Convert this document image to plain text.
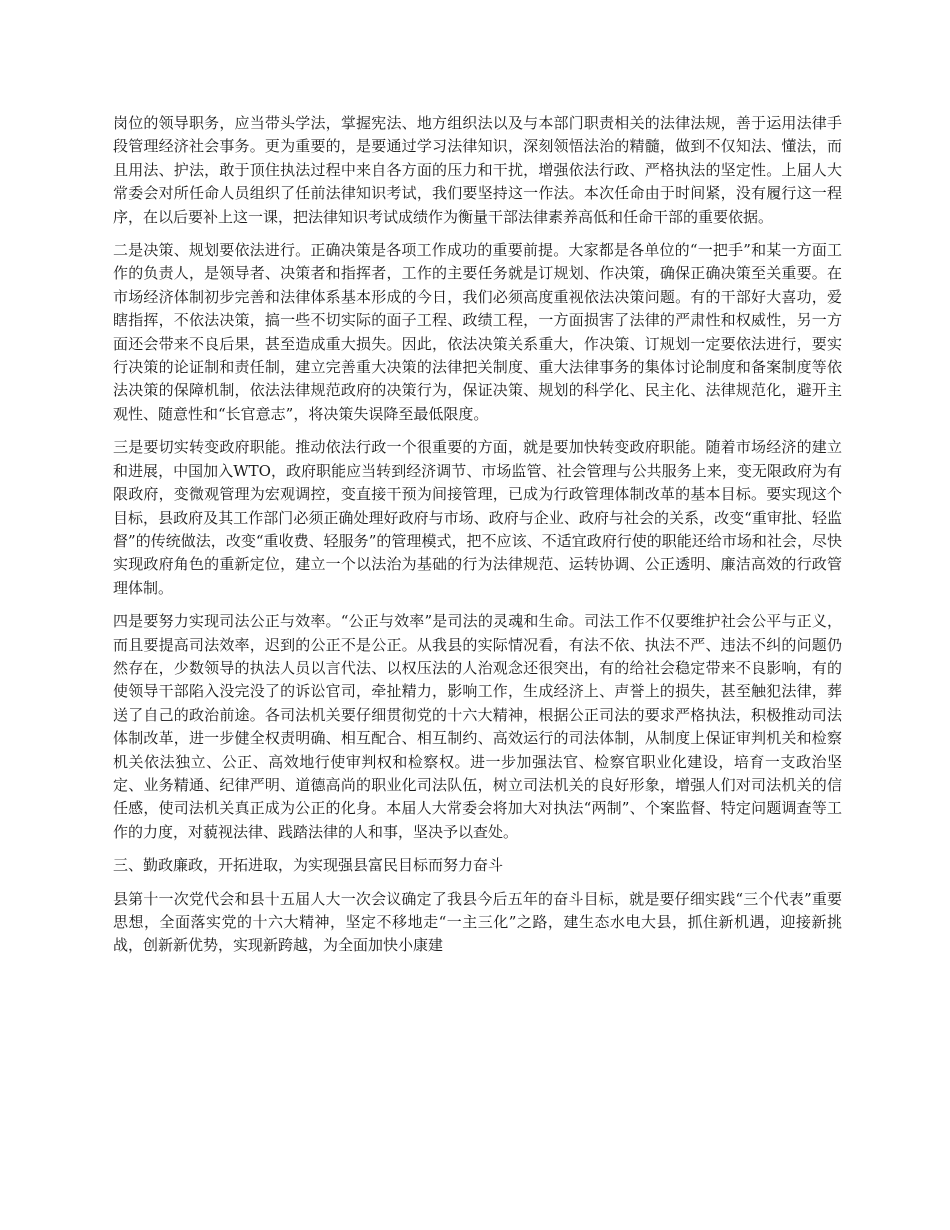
岗位的领导职务，应当带头学法，掌握宪法、地方组织法以及与本部门职责相关的法律法规，善于运用法律手段管理经济社会事务。更为重要的，是要通过学习法律知识，深刻领悟法治的精髓，做到不仅知法、懂法，而且用法、护法，敢于顶住执法过程中来自各方面的压力和干扰，增强依法行政、严格执法的坚定性。上届人大常委会对所任命人员组织了任前法律知识考试，我们要坚持这一作法。本次任命由于时间紧，没有履行这一程序，在以后要补上这一课，把法律知识考试成绩作为衡量干部法律素养高低和任命干部的重要依据。

二是决策、规划要依法进行。正确决策是各项工作成功的重要前提。大家都是各单位的“一把手”和某一方面工作的负责人，是领导者、决策者和指挥者，工作的主要任务就是订规划、作决策，确保正确决策至关重要。在市场经济体制初步完善和法律体系基本形成的今日，我们必须高度重视依法决策问题。有的干部好大喜功，爱瞎指挥，不依法决策，搞一些不切实际的面子工程、政绩工程，一方面损害了法律的严肃性和权威性，另一方面还会带来不良后果，甚至造成重大损失。因此，依法决策关系重大，作决策、订规划一定要依法进行，要实行决策的论证制和责任制，建立完善重大决策的法律把关制度、重大法律事务的集体讨论制度和备案制度等依法决策的保障机制，依法法律规范政府的决策行为，保证决策、规划的科学化、民主化、法律规范化，避开主观性、随意性和“长官意志”，将决策失误降至最低限度。

三是要切实转变政府职能。推动依法行政一个很重要的方面，就是要加快转变政府职能。随着市场经济的建立和进展，中国加入WTO，政府职能应当转到经济调节、市场监管、社会管理与公共服务上来，变无限政府为有限政府，变微观管理为宏观调控，变直接干预为间接管理，已成为行政管理体制改革的基本目标。要实现这个目标，县政府及其工作部门必须正确处理好政府与市场、政府与企业、政府与社会的关系，改变“重审批、轻监督”的传统做法，改变“重收费、轻服务”的管理模式，把不应该、不适宜政府行使的职能还给市场和社会，尽快实现政府角色的重新定位，建立一个以法治为基础的行为法律规范、运转协调、公正透明、廉洁高效的行政管理体制。

四是要努力实现司法公正与效率。“公正与效率”是司法的灵魂和生命。司法工作不仅要维护社会公平与正义，而且要提高司法效率，迟到的公正不是公正。从我县的实际情况看，有法不依、执法不严、违法不纠的问题仍然存在，少数领导的执法人员以言代法、以权压法的人治观念还很突出，有的给社会稳定带来不良影响，有的使领导干部陷入没完没了的诉讼官司，牵扯精力，影响工作，生成经济上、声誉上的损失，甚至触犯法律，葬送了自己的政治前途。各司法机关要仔细贯彻党的十六大精神，根据公正司法的要求严格执法，积极推动司法体制改革，进一步健全权责明确、相互配合、相互制约、高效运行的司法体制，从制度上保证审判机关和检察机关依法独立、公正、高效地行使审判权和检察权。进一步加强法官、检察官职业化建设，培育一支政治坚定、业务精通、纪律严明、道德高尚的职业化司法队伍，树立司法机关的良好形象，增强人们对司法机关的信任感，使司法机关真正成为公正的化身。本届人大常委会将加大对执法“两制”、个案监督、特定问题调查等工作的力度，对藐视法律、践踏法律的人和事，坚决予以查处。

三、勤政廉政，开拓进取，为实现强县富民目标而努力奋斗

县第十一次党代会和县十五届人大一次会议确定了我县今后五年的奋斗目标，就是要仔细实践“三个代表”重要思想，全面落实党的十六大精神，坚定不移地走“一主三化”之路，建生态水电大县，抓住新机遇，迎接新挑战，创新新优势，实现新跨越，为全面加快小康建
